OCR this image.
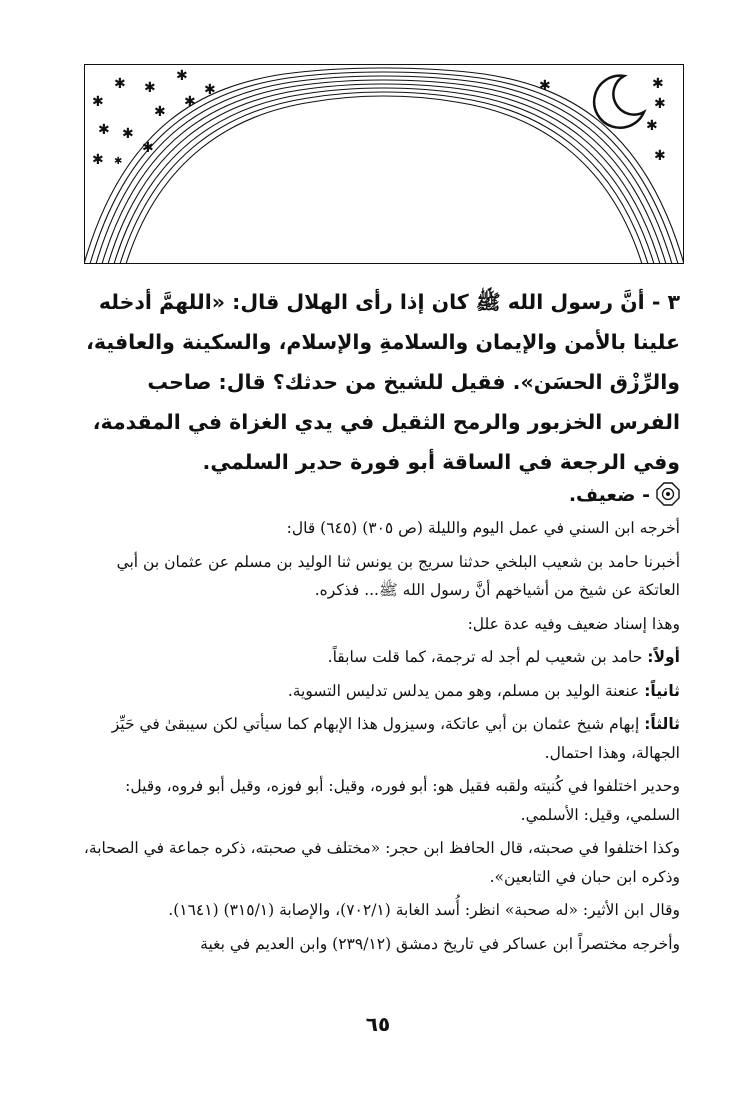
✱ ✱
✱
✱
✱
✱
✱
✱ ✱
✱
✱ ✱
✱	✱
✱
✱
✱
٣ - أنَّ رسول الله ﷺ كان إذا رأى الهلال قال: «اللهمَّ أدخله علينا بالأمن والإيمان والسلامةِ والإسلام، والسكينة والعافية، والرِّزْق الحسَن». فقيل للشيخ من حدثك؟ قال: صاحب الفرس الخزبور والرمح الثقيل في يدي الغزاة في المقدمة، وفي الرجعة في الساقة أبو فورة حدير السلمي.
- ضعيف.

أخرجه ابن السني في عمل اليوم والليلة (ص ٣٠٥) (٦٤٥) قال:

أخبرنا حامد بن شعيب البلخي حدثنا سريج بن يونس ثنا الوليد بن مسلم عن عثمان بن أبي العاتكة عن شيخ من أشياخهم أنَّ رسول الله ﷺ... فذكره.

وهذا إسناد ضعيف وفيه عدة علل:

أولاً: حامد بن شعيب لم أجد له ترجمة، كما قلت سابقاً.

ثانياً: عنعنة الوليد بن مسلم، وهو ممن يدلس تدليس التسوية.

ثالثاً: إبهام شيخ عثمان بن أبي عاتكة، وسيزول هذا الإبهام كما سيأتي لكن سيبقىٰ في حَيِّز الجهالة، وهذا احتمال.

وحدير اختلفوا في كُنيته ولقبه فقيل هو: أبو فوره، وقيل: أبو فوزه، وقيل أبو فروه، وقيل: السلمي، وقيل: الأسلمي.

وكذا اختلفوا في صحبته، قال الحافظ ابن حجر: «مختلف في صحبته، ذكره جماعة في الصحابة، وذكره ابن حبان في التابعين».

وقال ابن الأثير: «له صحبة» انظر: أُسد الغابة (٧٠٢/١)، والإصابة (٣١٥/١) (١٦٤١).

وأخرجه مختصراً ابن عساكر في تاريخ دمشق (٢٣٩/١٢) وابن العديم في بغية

٦٥
